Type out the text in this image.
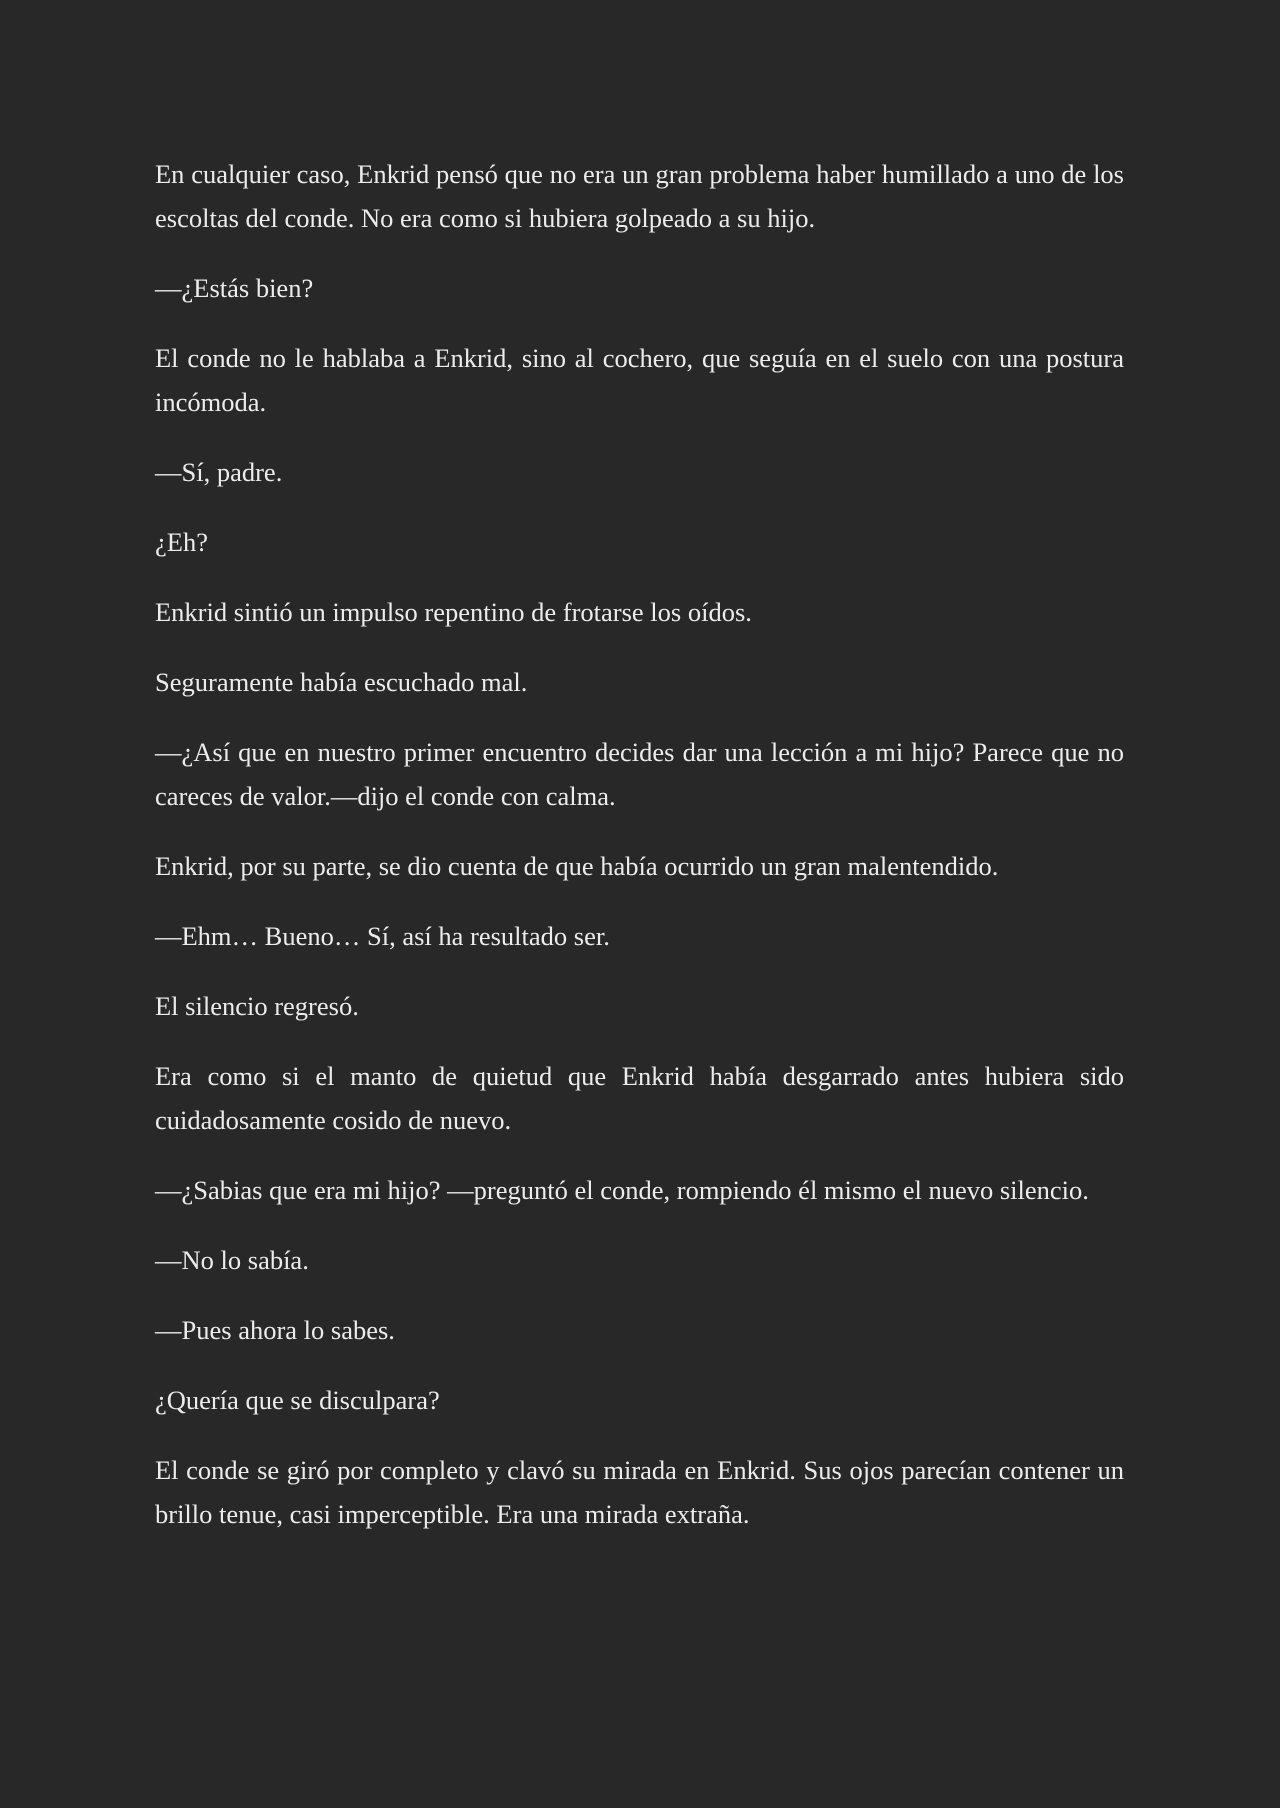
En cualquier caso, Enkrid pensó que no era un gran problema haber humillado a uno de los escoltas del conde. No era como si hubiera golpeado a su hijo.

—¿Estás bien?

El conde no le hablaba a Enkrid, sino al cochero, que seguía en el suelo con una postura incómoda.

—Sí, padre.

¿Eh?

Enkrid sintió un impulso repentino de frotarse los oídos.

Seguramente había escuchado mal.

—¿Así que en nuestro primer encuentro decides dar una lección a mi hijo? Parece que no careces de valor.—dijo el conde con calma.

Enkrid, por su parte, se dio cuenta de que había ocurrido un gran malentendido.

—Ehm… Bueno… Sí, así ha resultado ser.

El silencio regresó.

Era como si el manto de quietud que Enkrid había desgarrado antes hubiera sido cuidadosamente cosido de nuevo.

—¿Sabias que era mi hijo? —preguntó el conde, rompiendo él mismo el nuevo silencio.

—No lo sabía.

—Pues ahora lo sabes.

¿Quería que se disculpara?

El conde se giró por completo y clavó su mirada en Enkrid. Sus ojos parecían contener un brillo tenue, casi imperceptible. Era una mirada extraña.
